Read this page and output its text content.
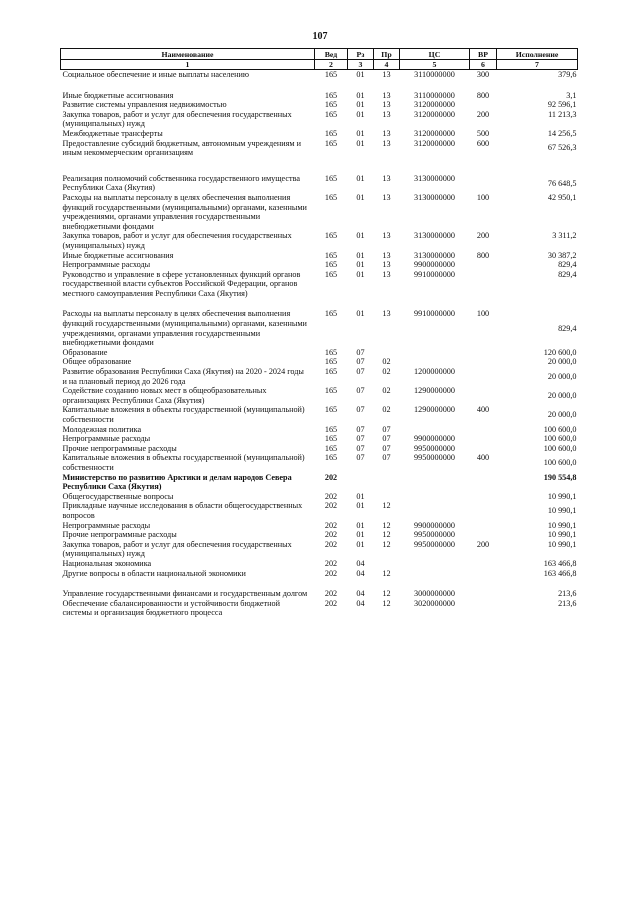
107
Наименование	Вед	Рз	Пр	ЦС	ВР	Исполнение
1	2	3	4	5	6	7
Социальное обеспечение и иные выплаты населению	165	01	13	3110000000	300	379,6
Иные бюджетные ассигнования	165	01	13	3110000000	800	3,1
Развитие системы управления недвижимостью	165	01	13	3120000000		92 596,1
Закупка товаров, работ и услуг для обеспечения государственных (муниципальных) нужд	165	01	13	3120000000	200	11 213,3
Межбюджетные трансферты	165	01	13	3120000000	500	14 256,5
Предоставление субсидий бюджетным, автономным учреждениям и иным некоммерческим организациям	165	01	13	3120000000	600	67 526,3
Реализация полномочий собственника государственного имущества Республики Саха (Якутия)	165	01	13	3130000000		76 648,5
Расходы на выплаты персоналу в целях обеспечения выполнения функций государственными (муниципальными) органами, казенными учреждениями, органами управления государственными внебюджетными фондами	165	01	13	3130000000	100	42 950,1
Закупка товаров, работ и услуг для обеспечения государственных (муниципальных) нужд	165	01	13	3130000000	200	3 311,2
Иные бюджетные ассигнования	165	01	13	3130000000	800	30 387,2
Непрограммные расходы	165	01	13	9900000000		829,4
Руководство и управление в сфере установленных функций органов государственной власти субъектов Российской Федерации, органов местного самоуправления Республики Саха (Якутия)	165	01	13	9910000000		829,4
Расходы на выплаты персоналу в целях обеспечения выполнения функций государственными (муниципальными) органами, казенными учреждениями, органами управления государственными внебюджетными фондами	165	01	13	9910000000	100	829,4
Образование	165	07				120 600,0
Общее образование	165	07	02			20 000,0
Развитие образования Республики Саха (Якутия) на 2020 - 2024 годы и на плановый период до 2026 года	165	07	02	1200000000		20 000,0
Содействие созданию новых мест в общеобразовательных организациях Республики Саха (Якутия)	165	07	02	1290000000		20 000,0
Капитальные вложения в объекты государственной (муниципальной) собственности	165	07	02	1290000000	400	20 000,0
Молодежная политика	165	07	07			100 600,0
Непрограммные расходы	165	07	07	9900000000		100 600,0
Прочие непрограммные расходы	165	07	07	9950000000		100 600,0
Капитальные вложения в объекты государственной (муниципальной) собственности	165	07	07	9950000000	400	100 600,0
Министерство по развитию Арктики и делам народов Севера Республики Саха (Якутия)	202					190 554,8
Общегосударственные вопросы	202	01				10 990,1
Прикладные научные исследования в области общегосударственных вопросов	202	01	12			10 990,1
Непрограммные расходы	202	01	12	9900000000		10 990,1
Прочие непрограммные расходы	202	01	12	9950000000		10 990,1
Закупка товаров, работ и услуг для обеспечения государственных (муниципальных) нужд	202	01	12	9950000000	200	10 990,1
Национальная экономика	202	04				163 466,8
Другие вопросы в области национальной экономики	202	04	12			163 466,8
Управление государственными финансами и государственным долгом	202	04	12	3000000000		213,6
Обеспечение сбалансированности и устойчивости бюджетной системы и организация бюджетного процесса	202	04	12	3020000000		213,6
